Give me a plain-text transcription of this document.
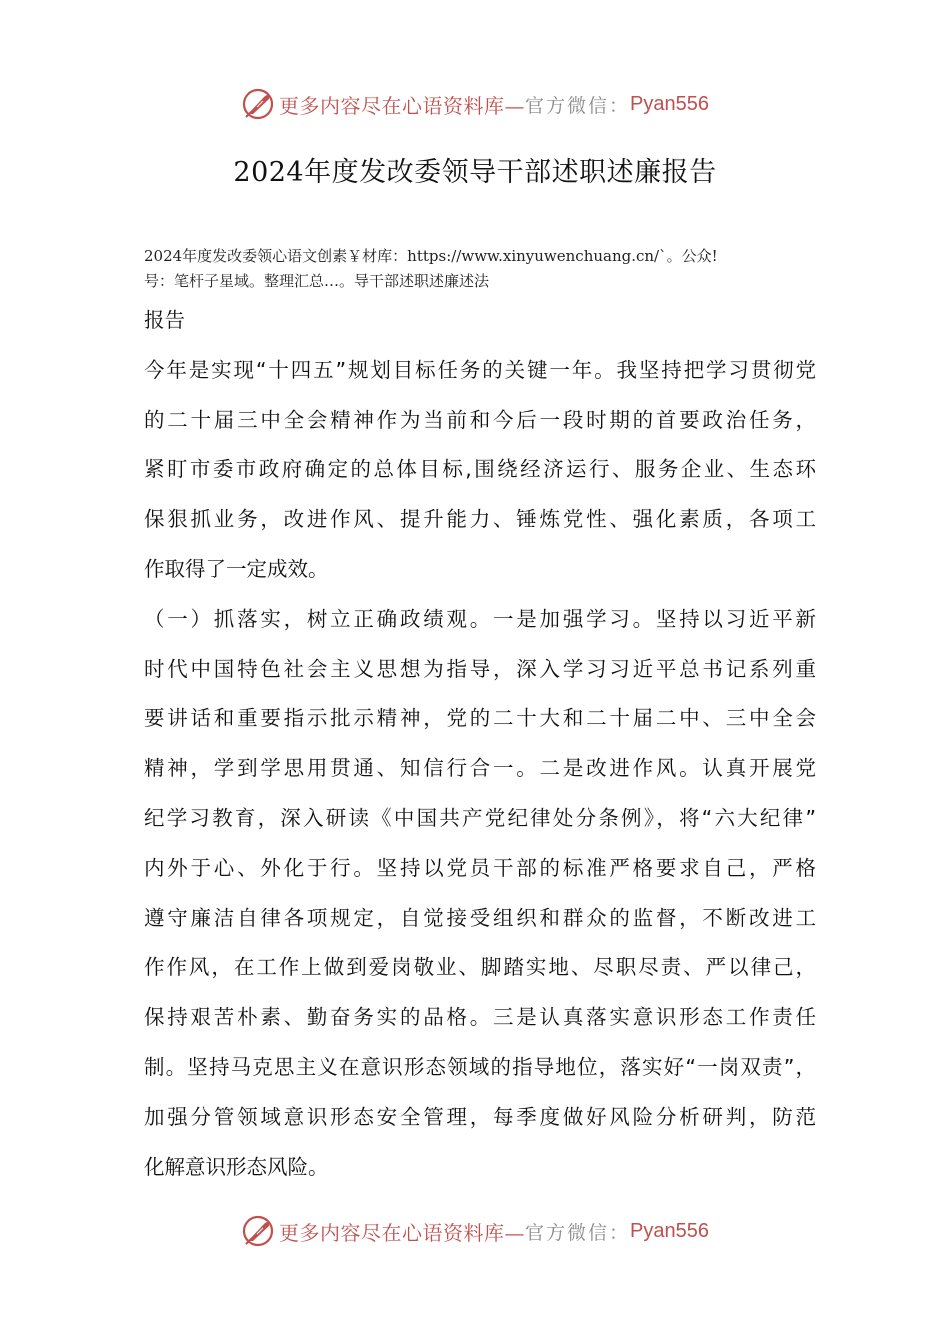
更多内容尽在心语资料库— 官方微信： Pyan556
2024年度发改委领导干部述职述廉报告
2024年度发改委领心语文创素￥材库：https://www.xinyuwenchuang.cn/`。公众!
号：笔杆子星域。整理汇总…。导干部述职述廉述法
报告
今年是实现“十四五”规划目标任务的关键一年。我坚持把学习贯彻党
的二十届三中全会精神作为当前和今后一段时期的首要政治任务，
紧盯市委市政府确定的总体目标,围绕经济运行、服务企业、生态环
保狠抓业务，改进作风、提升能力、锤炼党性、强化素质，各项工
作取得了一定成效。
（一）抓落实，树立正确政绩观。一是加强学习。坚持以习近平新
时代中国特色社会主义思想为指导，深入学习习近平总书记系列重
要讲话和重要指示批示精神，党的二十大和二十届二中、三中全会
精神，学到学思用贯通、知信行合一。二是改进作风。认真开展党
纪学习教育，深入研读《中国共产党纪律处分条例》，将“六大纪律”
内外于心、外化于行。坚持以党员干部的标准严格要求自己，严格
遵守廉洁自律各项规定，自觉接受组织和群众的监督，不断改进工
作作风，在工作上做到爱岗敬业、脚踏实地、尽职尽责、严以律己，
保持艰苦朴素、勤奋务实的品格。三是认真落实意识形态工作责任
制。坚持马克思主义在意识形态领域的指导地位，落实好“一岗双责”，
加强分管领域意识形态安全管理，每季度做好风险分析研判，防范
化解意识形态风险。
更多内容尽在心语资料库— 官方微信： Pyan556
